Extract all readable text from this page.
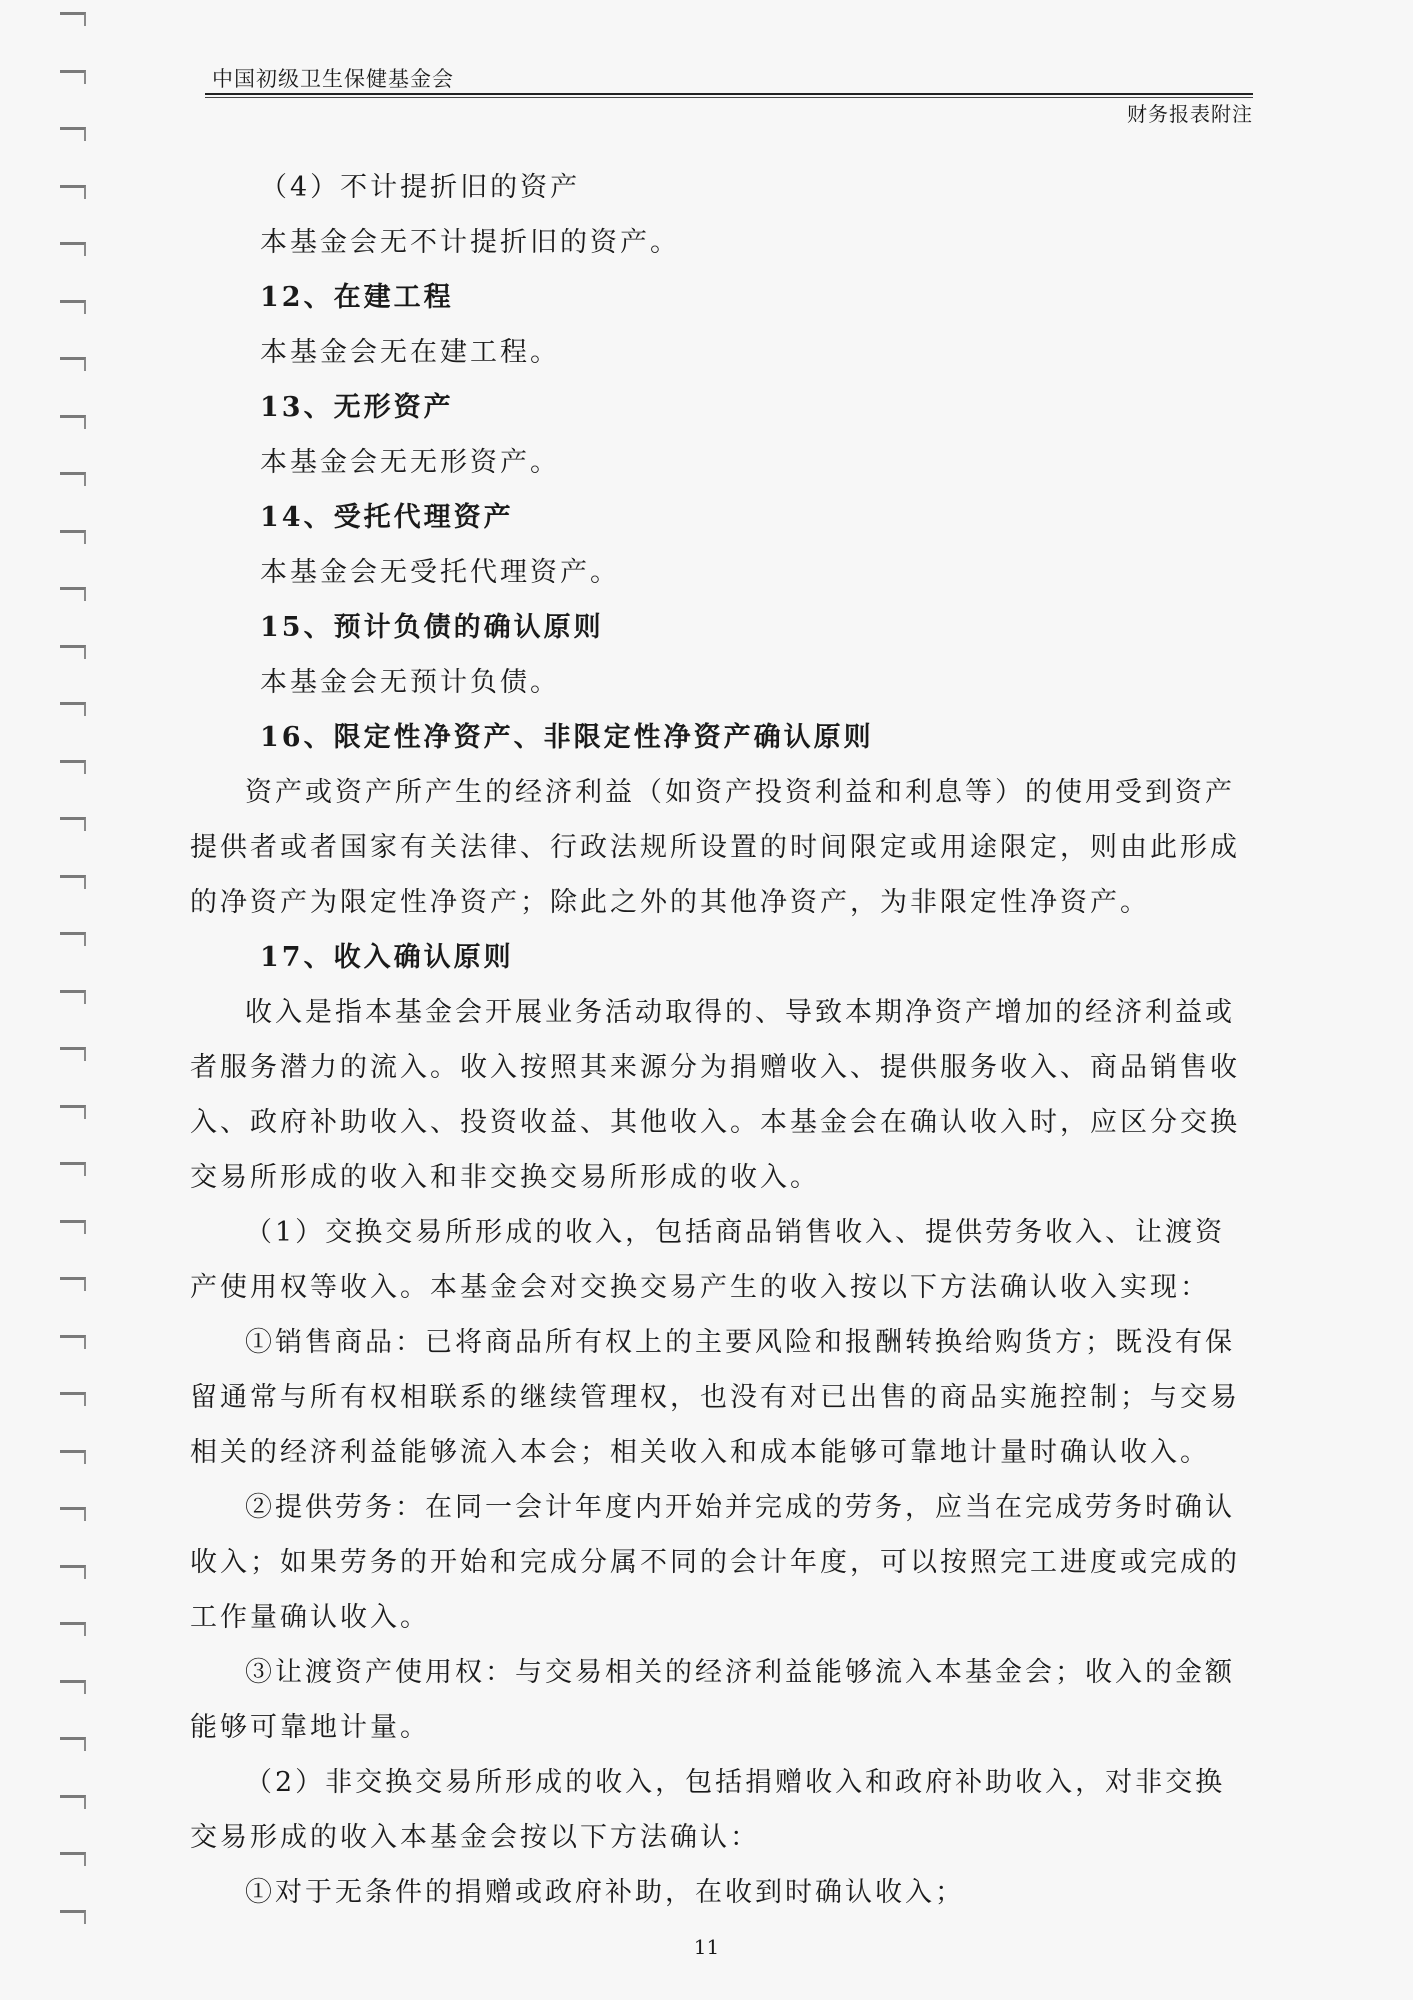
中国初级卫生保健基金会
财务报表附注

（4）不计提折旧的资产

本基金会无不计提折旧的资产。

12、在建工程

本基金会无在建工程。

13、无形资产

本基金会无无形资产。

14、受托代理资产

本基金会无受托代理资产。

15、预计负债的确认原则

本基金会无预计负债。

16、限定性净资产、非限定性净资产确认原则

资产或资产所产生的经济利益（如资产投资利益和利息等）的使用受到资产提供者或者国家有关法律、行政法规所设置的时间限定或用途限定，则由此形成的净资产为限定性净资产；除此之外的其他净资产，为非限定性净资产。

17、收入确认原则

收入是指本基金会开展业务活动取得的、导致本期净资产增加的经济利益或者服务潜力的流入。收入按照其来源分为捐赠收入、提供服务收入、商品销售收入、政府补助收入、投资收益、其他收入。本基金会在确认收入时，应区分交换交易所形成的收入和非交换交易所形成的收入。

（1）交换交易所形成的收入，包括商品销售收入、提供劳务收入、让渡资产使用权等收入。本基金会对交换交易产生的收入按以下方法确认收入实现：

①销售商品：已将商品所有权上的主要风险和报酬转换给购货方；既没有保留通常与所有权相联系的继续管理权，也没有对已出售的商品实施控制；与交易相关的经济利益能够流入本会；相关收入和成本能够可靠地计量时确认收入。

②提供劳务：在同一会计年度内开始并完成的劳务，应当在完成劳务时确认收入；如果劳务的开始和完成分属不同的会计年度，可以按照完工进度或完成的工作量确认收入。

③让渡资产使用权：与交易相关的经济利益能够流入本基金会；收入的金额能够可靠地计量。

（2）非交换交易所形成的收入，包括捐赠收入和政府补助收入，对非交换交易形成的收入本基金会按以下方法确认：

①对于无条件的捐赠或政府补助，在收到时确认收入；

11
